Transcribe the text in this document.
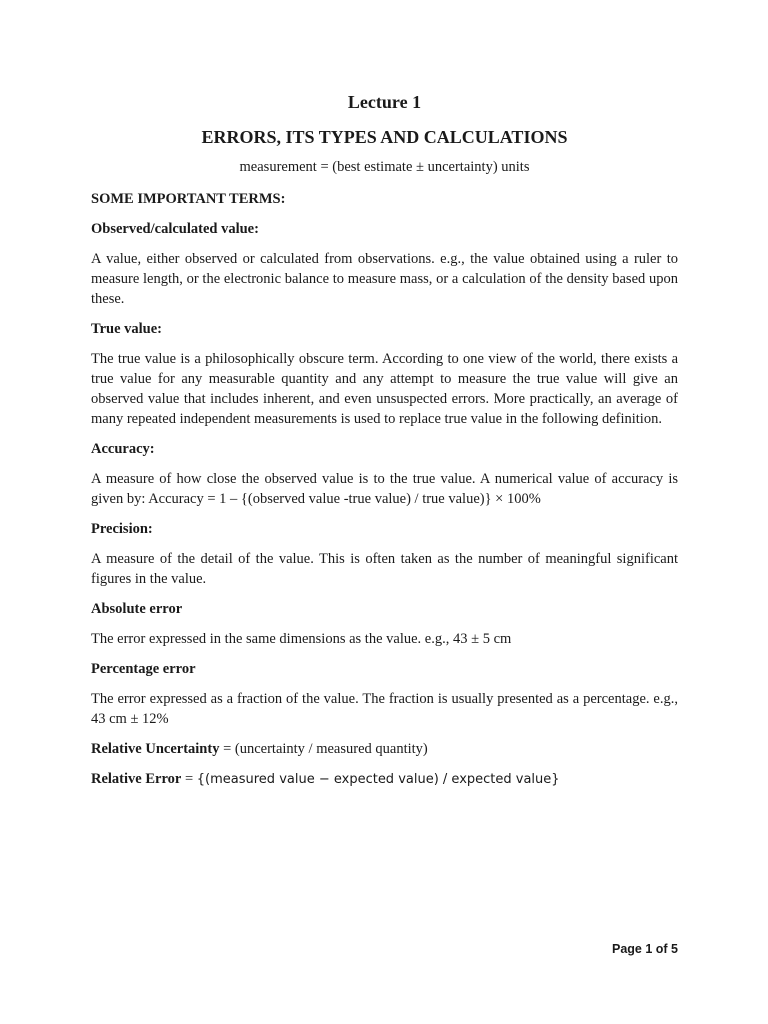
Lecture 1
ERRORS, ITS TYPES AND CALCULATIONS
measurement = (best estimate ± uncertainty) units

SOME IMPORTANT TERMS:

Observed/calculated value:

A value, either observed or calculated from observations. e.g., the value obtained using a ruler to measure length, or the electronic balance to measure mass, or a calculation of the density based upon these.

True value:

The true value is a philosophically obscure term. According to one view of the world, there exists a true value for any measurable quantity and any attempt to measure the true value will give an observed value that includes inherent, and even unsuspected errors. More practically, an average of many repeated independent measurements is used to replace true value in the following definition.

Accuracy:

A measure of how close the observed value is to the true value. A numerical value of accuracy is given by: Accuracy = 1 – {(observed value -true value) / true value)} × 100%

Precision:

A measure of the detail of the value. This is often taken as the number of meaningful significant figures in the value.

Absolute error

The error expressed in the same dimensions as the value. e.g., 43 ± 5 cm

Percentage error

The error expressed as a fraction of the value. The fraction is usually presented as a percentage. e.g., 43 cm ± 12%

Relative Uncertainty = (uncertainty / measured quantity)

Relative Error = {(measured value − expected value) / expected value}

Page 1 of 5
